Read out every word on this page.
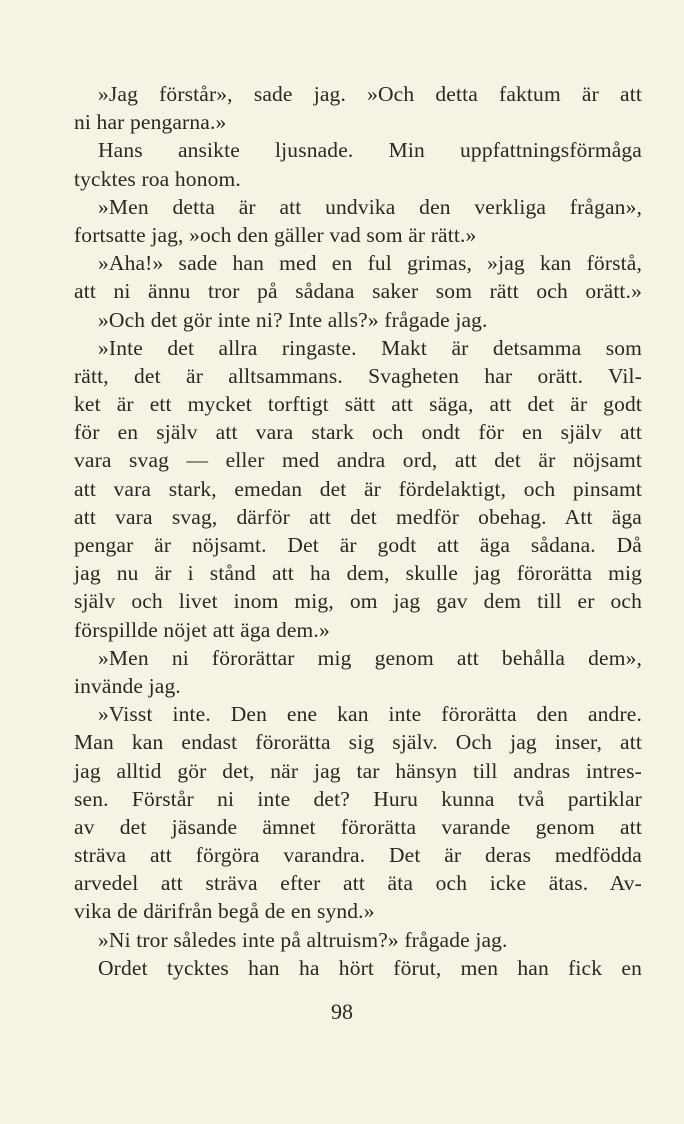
»Jag förstår», sade jag. »Och detta faktum är att
ni har pengarna.»
Hans ansikte ljusnade. Min uppfattningsförmåga
tycktes roa honom.
»Men detta är att undvika den verkliga frågan»,
fortsatte jag, »och den gäller vad som är rätt.»
»Aha!» sade han med en ful grimas, »jag kan förstå,
att ni ännu tror på sådana saker som rätt och orätt.»
»Och det gör inte ni? Inte alls?» frågade jag.
»Inte det allra ringaste. Makt är detsamma som
rätt, det är alltsammans. Svagheten har orätt. Vil-
ket är ett mycket torftigt sätt att säga, att det är godt
för en själv att vara stark och ondt för en själv att
vara svag — eller med andra ord, att det är nöjsamt
att vara stark, emedan det är fördelaktigt, och pinsamt
att vara svag, därför att det medför obehag. Att äga
pengar är nöjsamt. Det är godt att äga sådana. Då
jag nu är i stånd att ha dem, skulle jag förorätta mig
själv och livet inom mig, om jag gav dem till er och
förspillde nöjet att äga dem.»
»Men ni förorättar mig genom att behålla dem»,
invände jag.
»Visst inte. Den ene kan inte förorätta den andre.
Man kan endast förorätta sig själv. Och jag inser, att
jag alltid gör det, när jag tar hänsyn till andras intres-
sen. Förstår ni inte det? Huru kunna två partiklar
av det jäsande ämnet förorätta varande genom att
sträva att förgöra varandra. Det är deras medfödda
arvedel att sträva efter att äta och icke ätas. Av-
vika de därifrån begå de en synd.»
»Ni tror således inte på altruism?» frågade jag.
Ordet tycktes han ha hört förut, men han fick en
98
